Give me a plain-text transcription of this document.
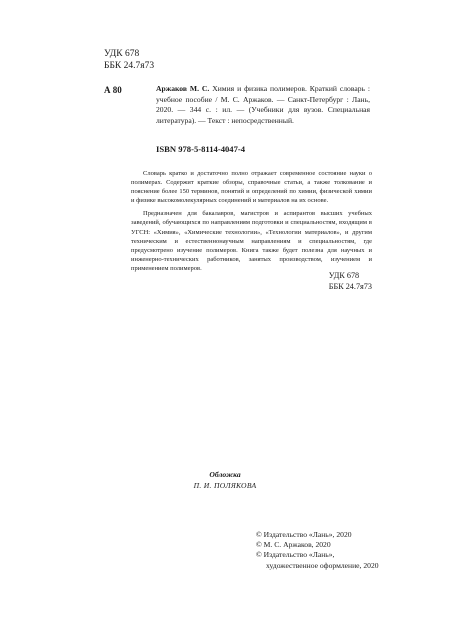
УДК 678
ББК 24.7я73
А 80	Аржаков М. С. Химия и физика полимеров. Краткий словарь : учебное пособие / М. С. Аржаков. — Санкт-Петербург : Лань, 2020. — 344 с. : ил. — (Учебники для вузов. Специальная литература). — Текст : непосредственный.
ISBN 978-5-8114-4047-4

Словарь кратко и достаточно полно отражает современное состояние науки о полимерах. Содержит краткие обзоры, справочные статьи, а также толкование и пояснение более 150 терминов, понятий и определений по химии, физической химии и физике высокомолекулярных соединений и материалов на их основе.

Предназначен для бакалавров, магистров и аспирантов высших учебных заведений, обучающихся по направлениям подготовки и специальностям, входящим в УГСН: «Химия», «Химические технологии», «Технологии материалов», и другим техническим и естественнонаучным направлениям и специальностям, где предусмотрено изучение полимеров. Книга также будет полезна для научных и инженерно-технических работников, занятых производством, изучением и применением полимеров.

УДК 678
ББК 24.7я73
Обложка
П. И. ПОЛЯКОВА
© Издательство «Лань», 2020
© М. С. Аржаков, 2020
© Издательство «Лань»,
художественное оформление, 2020
